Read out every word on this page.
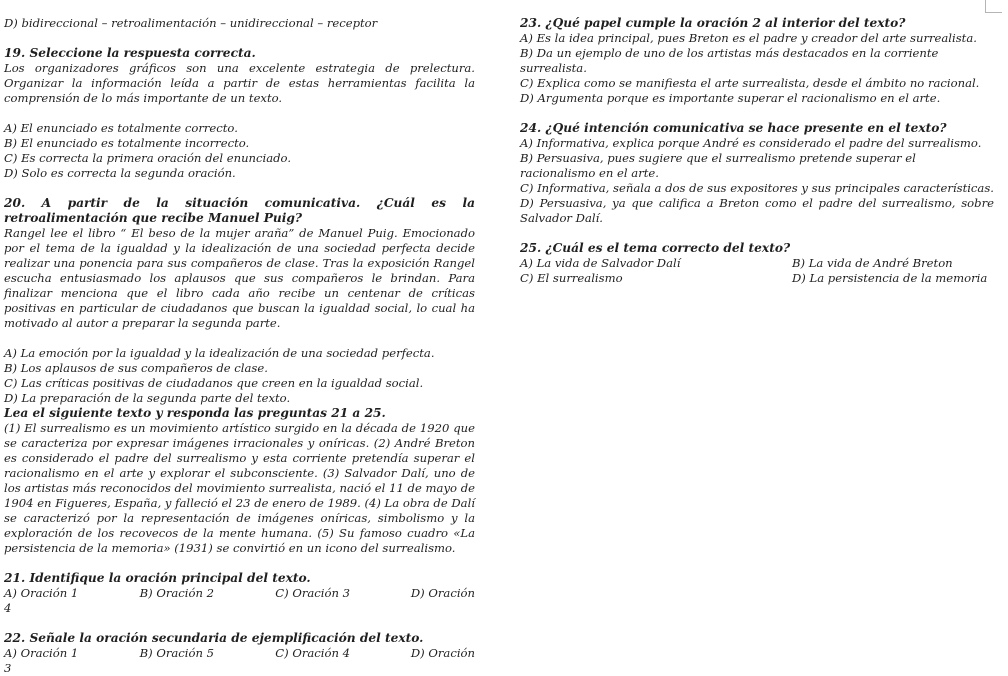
D) bidireccional – retroalimentación – unidireccional – receptor

19. Seleccione la respuesta correcta.

Los organizadores gráficos son una excelente estrategia de prelectura. Organizar la información leída a partir de estas herramientas facilita la comprensión de lo más importante de un texto.

A) El enunciado es totalmente correcto.

B) El enunciado es totalmente incorrecto.

C) Es correcta la primera oración del enunciado.

D) Solo es correcta la segunda oración.

20. A partir de la situación comunicativa. ¿Cuál es la retroalimentación que recibe Manuel Puig?

Rangel lee el libro “ El beso de la mujer araña” de Manuel Puig. Emocionado por el tema de la igualdad y la idealización de una sociedad perfecta decide realizar una ponencia para sus compañeros de clase. Tras la exposición Rangel escucha entusiasmado los aplausos que sus compañeros le brindan. Para finalizar menciona que el libro cada año recibe un centenar de críticas positivas en particular de ciudadanos que buscan la igualdad social, lo cual ha motivado al autor a preparar la segunda parte.

A) La emoción por la igualdad y la idealización de una sociedad perfecta.

B) Los aplausos de sus compañeros de clase.

C) Las críticas positivas de ciudadanos que creen en la igualdad social.

D) La preparación de la segunda parte del texto.

Lea el siguiente texto y responda las preguntas 21 a 25.

(1) El surrealismo es un movimiento artístico surgido en la década de 1920 que se caracteriza por expresar imágenes irracionales y oníricas. (2) André Breton es considerado el padre del surrealismo y esta corriente pretendía superar el racionalismo en el arte y explorar el subconsciente. (3) Salvador Dalí, uno de los artistas más reconocidos del movimiento surrealista, nació el 11 de mayo de 1904 en Figueres, España, y falleció el 23 de enero de 1989. (4) La obra de Dalí se caracterizó por la representación de imágenes oníricas, simbolismo y la exploración de los recovecos de la mente humana. (5) Su famoso cuadro «La persistencia de la memoria» (1931) se convirtió en un icono del surrealismo.

21. Identifique la oración principal del texto.

A) Oración 1	B) Oración 2	C) Oración 3	D) Oración

4

22. Señale la oración secundaria de ejemplificación del texto.

A) Oración 1	B) Oración 5	C) Oración 4	D) Oración

3

23. ¿Qué papel cumple la oración 2 al interior del texto?

A) Es la idea principal, pues Breton es el padre y creador del arte surrealista.

B) Da un ejemplo de uno de los artistas más destacados en la corriente surrealista.

C) Explica como se manifiesta el arte surrealista, desde el ámbito no racional.

D) Argumenta porque es importante superar el racionalismo en el arte.

24. ¿Qué intención comunicativa se hace presente en el texto?

A) Informativa, explica porque André es considerado el padre del surrealismo.

B) Persuasiva, pues sugiere que el surrealismo pretende superar el racionalismo en el arte.

C) Informativa, señala a dos de sus expositores y sus principales características.

D) Persuasiva, ya que califica a Breton como el padre del surrealismo, sobre Salvador Dalí.

25. ¿Cuál es el tema correcto del texto?

A) La vida de Salvador Dalí	B) La vida de André Breton
C) El surrealismo	D) La persistencia de la memoria
